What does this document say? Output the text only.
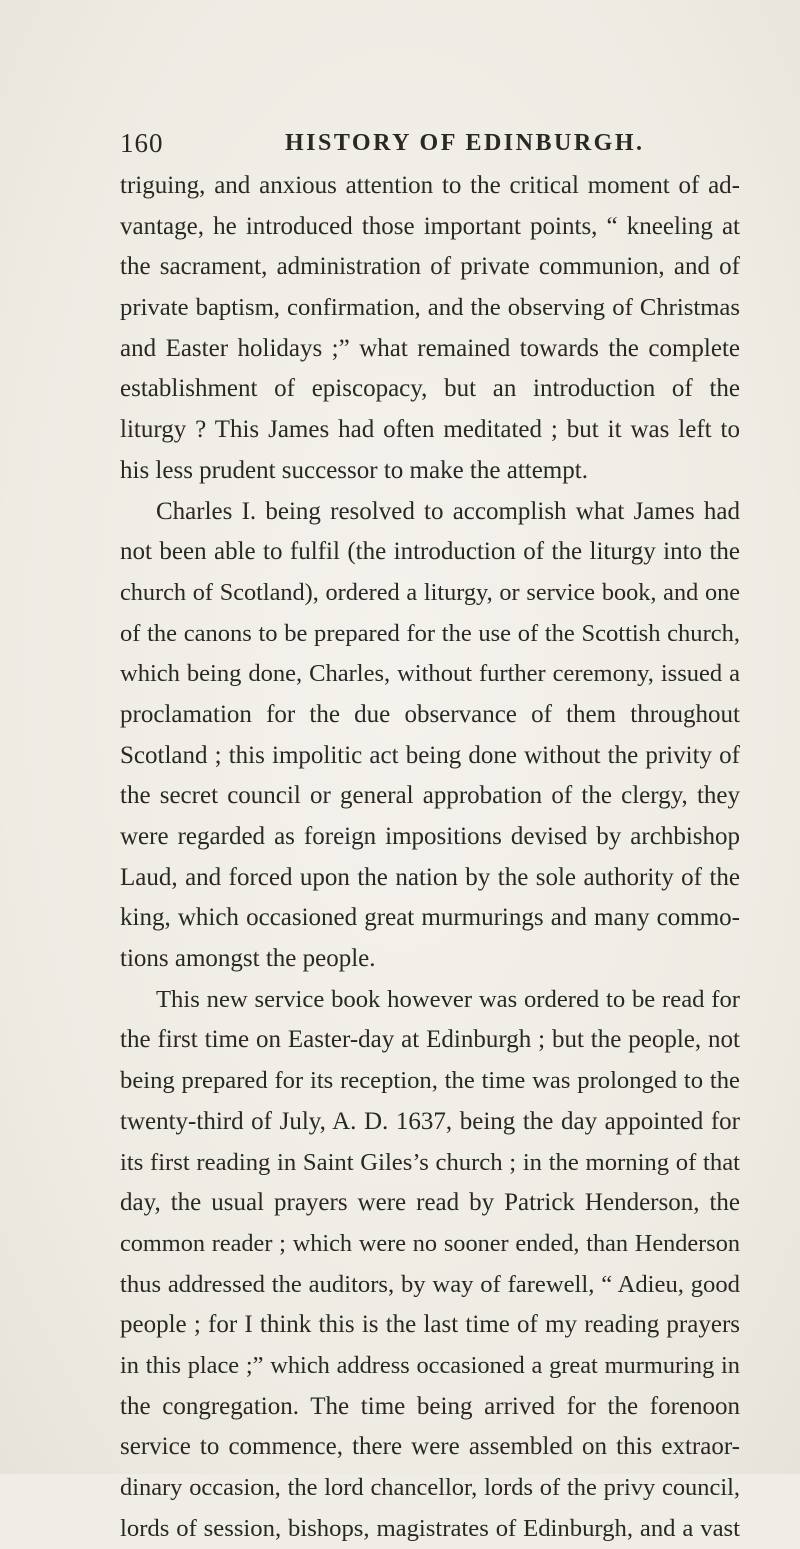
160	HISTORY OF EDINBURGH.
triguing, and anxious attention to the critical moment of ad-
vantage, he introduced those important points, “ kneeling at
the sacrament, administration of private communion, and of
private baptism, confirmation, and the observing of Christmas
and Easter holidays ;” what remained towards the complete
establishment of episcopacy, but an introduction of the
liturgy ? This James had often meditated ; but it was left to
his less prudent successor to make the attempt.
Charles I. being resolved to accomplish what James had
not been able to fulfil (the introduction of the liturgy into the
church of Scotland), ordered a liturgy, or service book, and one
of the canons to be prepared for the use of the Scottish church,
which being done, Charles, without further ceremony, issued a
proclamation for the due observance of them throughout
Scotland ; this impolitic act being done without the privity of
the secret council or general approbation of the clergy, they
were regarded as foreign impositions devised by archbishop
Laud, and forced upon the nation by the sole authority of the
king, which occasioned great murmurings and many commo-
tions amongst the people.
This new service book however was ordered to be read for
the first time on Easter-day at Edinburgh ; but the people, not
being prepared for its reception, the time was prolonged to the
twenty-third of July, A. D. 1637, being the day appointed for
its first reading in Saint Giles’s church ; in the morning of that
day, the usual prayers were read by Patrick Henderson, the
common reader ; which were no sooner ended, than Henderson
thus addressed the auditors, by way of farewell, “ Adieu, good
people ; for I think this is the last time of my reading prayers
in this place ;” which address occasioned a great murmuring in
the congregation. The time being arrived for the forenoon
service to commence, there were assembled on this extraor-
dinary occasion, the lord chancellor, lords of the privy council,
lords of session, bishops, magistrates of Edinburgh, and a vast
